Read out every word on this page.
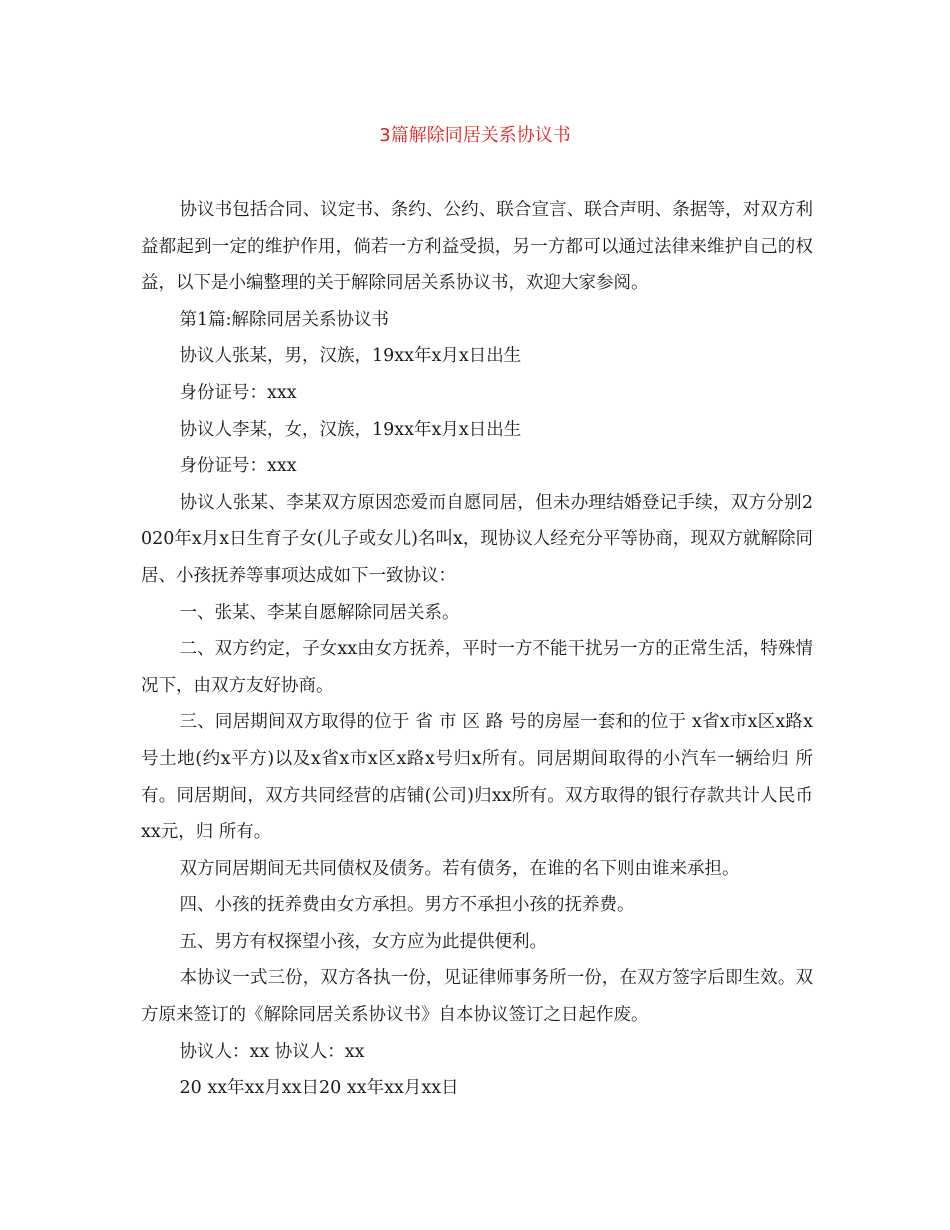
3篇解除同居关系协议书

协议书包括合同、议定书、条约、公约、联合宣言、联合声明、条据等，对双方利益都起到一定的维护作用，倘若一方利益受损，另一方都可以通过法律来维护自己的权益，以下是小编整理的关于解除同居关系协议书，欢迎大家参阅。

第1篇:解除同居关系协议书

协议人张某，男，汉族，19xx年x月x日出生

身份证号：xxx

协议人李某，女，汉族，19xx年x月x日出生

身份证号：xxx

协议人张某、李某双方原因恋爱而自愿同居，但未办理结婚登记手续，双方分别2020年x月x日生育子女(儿子或女儿)名叫x，现协议人经充分平等协商，现双方就解除同居、小孩抚养等事项达成如下一致协议：

一、张某、李某自愿解除同居关系。

二、双方约定，子女xx由女方抚养，平时一方不能干扰另一方的正常生活，特殊情况下，由双方友好协商。

三、同居期间双方取得的位于 省 市 区 路 号的房屋一套和的位于 x省x市x区x路x号土地(约x平方)以及x省x市x区x路x号归x所有。同居期间取得的小汽车一辆给归 所有。同居期间，双方共同经营的店铺(公司)归xx所有。双方取得的银行存款共计人民币xx元，归 所有。

双方同居期间无共同债权及债务。若有债务，在谁的名下则由谁来承担。

四、小孩的抚养费由女方承担。男方不承担小孩的抚养费。

五、男方有权探望小孩，女方应为此提供便利。

本协议一式三份，双方各执一份，见证律师事务所一份，在双方签字后即生效。双方原来签订的《解除同居关系协议书》自本协议签订之日起作废。

协议人：xx 协议人：xx

20 xx年xx月xx日20 xx年xx月xx日
